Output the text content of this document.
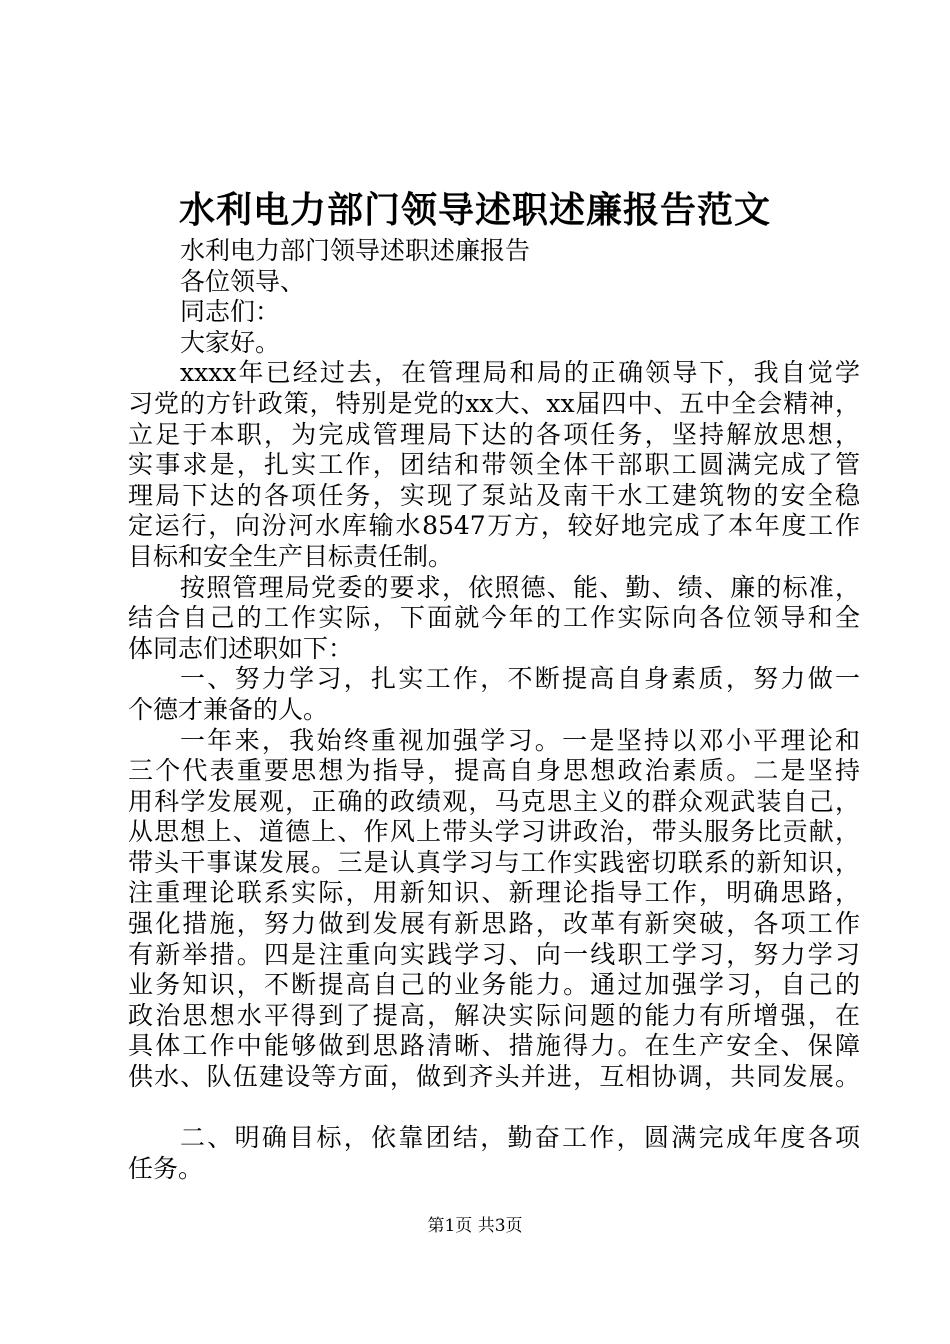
水利电力部门领导述职述廉报告范文
水利电力部门领导述职述廉报告
各位领导、
同志们：
大家好。
xxxx年已经过去，在管理局和局的正确领导下，我自觉学
习党的方针政策，特别是党的xx大、xx届四中、五中全会精神，
立足于本职，为完成管理局下达的各项任务，坚持解放思想，
实事求是，扎实工作，团结和带领全体干部职工圆满完成了管
理局下达的各项任务，实现了泵站及南干水工建筑物的安全稳
定运行，向汾河水库输水8547万方，较好地完成了本年度工作
目标和安全生产目标责任制。
按照管理局党委的要求，依照德、能、勤、绩、廉的标准，
结合自己的工作实际，下面就今年的工作实际向各位领导和全
体同志们述职如下：
一、努力学习，扎实工作，不断提高自身素质，努力做一
个德才兼备的人。
一年来，我始终重视加强学习。一是坚持以邓小平理论和
三个代表重要思想为指导，提高自身思想政治素质。二是坚持
用科学发展观，正确的政绩观，马克思主义的群众观武装自己，
从思想上、道德上、作风上带头学习讲政治，带头服务比贡献，
带头干事谋发展。三是认真学习与工作实践密切联系的新知识，
注重理论联系实际，用新知识、新理论指导工作，明确思路，
强化措施，努力做到发展有新思路，改革有新突破，各项工作
有新举措。四是注重向实践学习、向一线职工学习，努力学习
业务知识，不断提高自己的业务能力。通过加强学习，自己的
政治思想水平得到了提高，解决实际问题的能力有所增强，在
具体工作中能够做到思路清晰、措施得力。在生产安全、保障
供水、队伍建设等方面，做到齐头并进，互相协调，共同发展。
二、明确目标，依靠团结，勤奋工作，圆满完成年度各项
任务。
第1页 共3页
